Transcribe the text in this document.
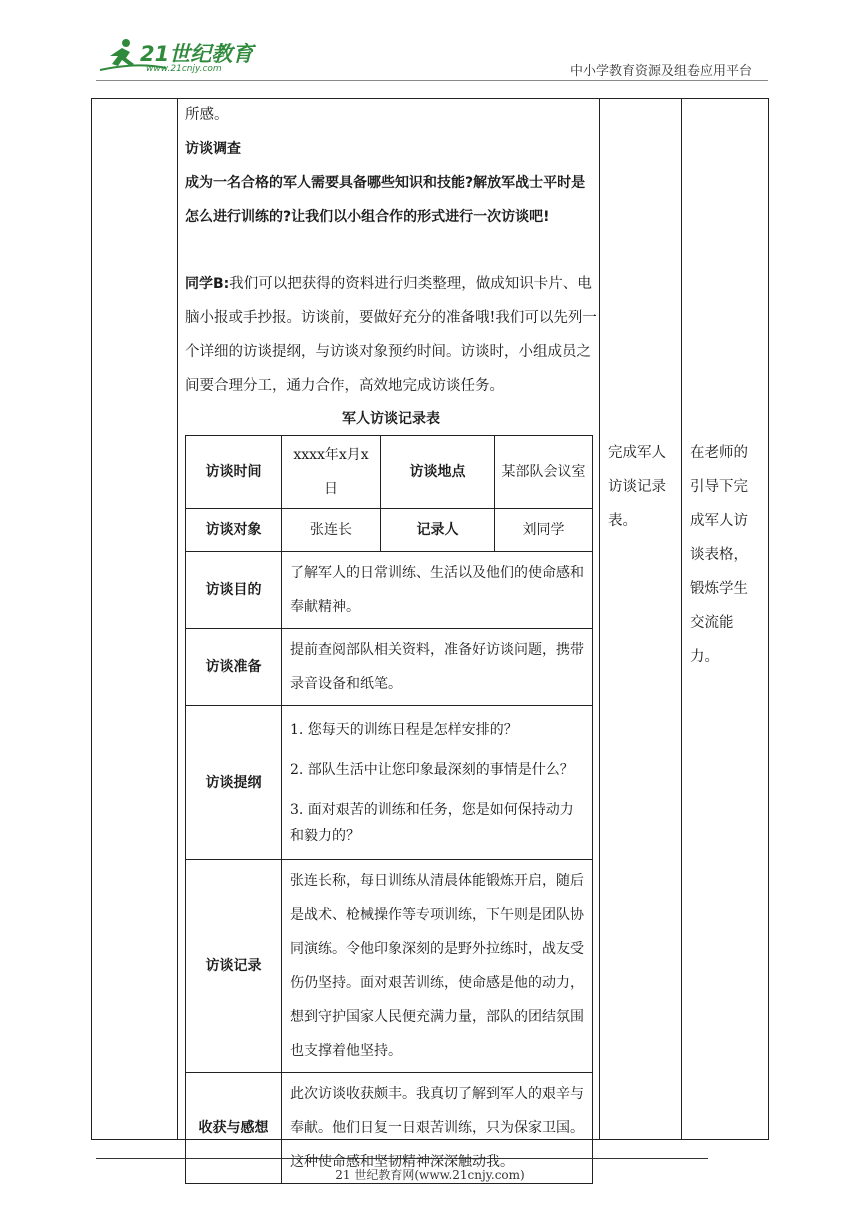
21世纪教育
www.21cnjy.com	中小学教育资源及组卷应用平台
所感。
访谈调查
成为一名合格的军人需要具备哪些知识和技能?解放军战士平时是怎么进行训练的?让我们以小组合作的形式进行一次访谈吧!
同学B:我们可以把获得的资料进行归类整理，做成知识卡片、电脑小报或手抄报。访谈前，要做好充分的准备哦!我们可以先列一个详细的访谈提纲，与访谈对象预约时间。访谈时，小组成员之间要合理分工，通力合作，高效地完成访谈任务。
军人访谈记录表
访谈时间	xxxx年x月x日	访谈地点	某部队会议室
访谈对象	张连长	记录人	刘同学
访谈目的	了解军人的日常训练、生活以及他们的使命感和奉献精神。		
访谈准备	提前查阅部队相关资料，准备好访谈问题，携带录音设备和纸笔。		
访谈提纲	1. 您每天的训练日程是怎样安排的？
2. 部队生活中让您印象最深刻的事情是什么？
3. 面对艰苦的训练和任务，您是如何保持动力和毅力的？		

访谈记录	张连长称，每日训练从清晨体能锻炼开启，随后是战术、枪械操作等专项训练，下午则是团队协同演练。令他印象深刻的是野外拉练时，战友受伤仍坚持。面对艰苦训练，使命感是他的动力，想到守护国家人民便充满力量，部队的团结氛围也支撑着他坚持。		
收获与感想	此次访谈收获颇丰。我真切了解到军人的艰辛与奉献。他们日复一日艰苦训练，只为保家卫国。这种使命感和坚韧精神深深触动我。		
完成军人访谈记录表。
在老师的引导下完成军人访谈表格，锻炼学生交流能力。
21 世纪教育网(www.21cnjy.com)
